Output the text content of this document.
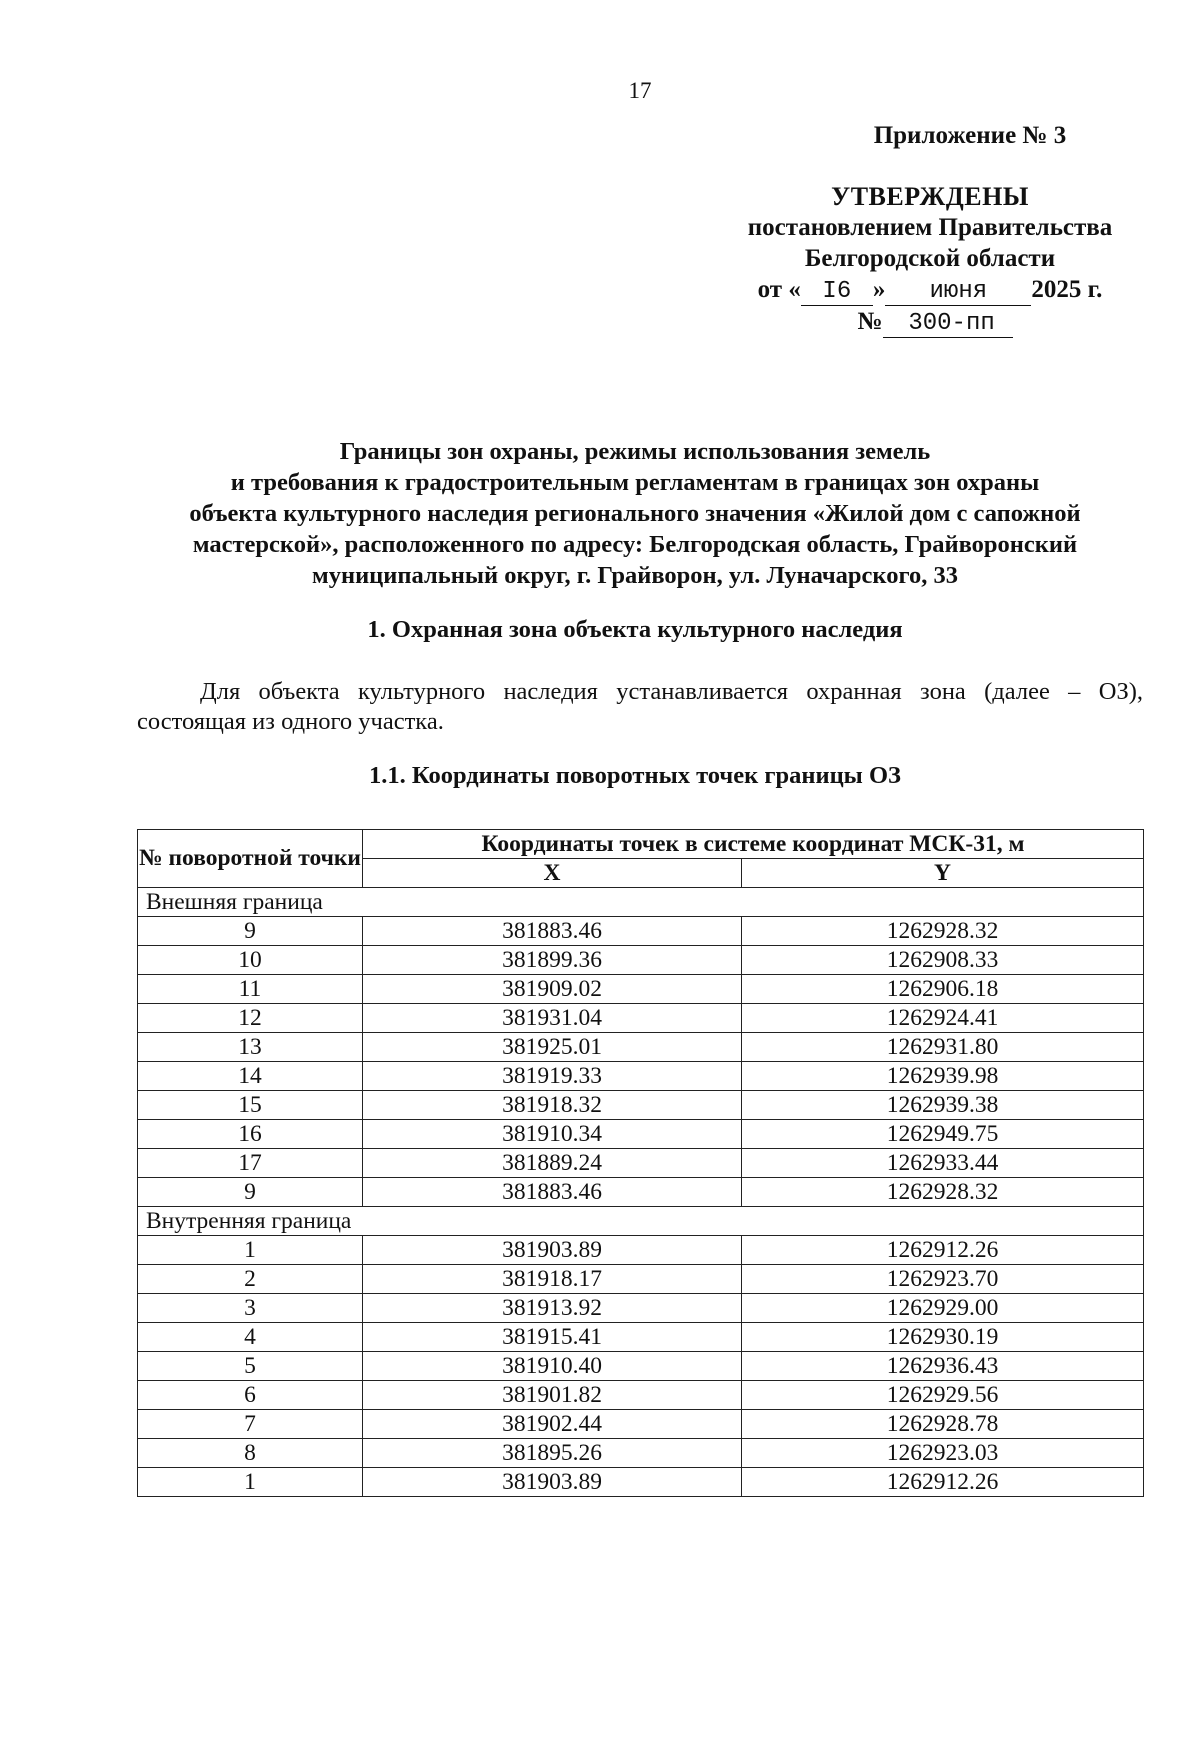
17
Приложение № 3
УТВЕРЖДЕНЫ
постановлением Правительства
Белгородской области
от « I6 » июня 2025 г.
№ 300-пп
Границы зон охраны, режимы использования земель
и требования к градостроительным регламентам в границах зон охраны
объекта культурного наследия регионального значения «Жилой дом с сапожной
мастерской», расположенного по адресу: Белгородская область, Грайворонский
муниципальный округ, г. Грайворон, ул. Луначарского, 33
1. Охранная зона объекта культурного наследия
Для объекта культурного наследия устанавливается охранная зона (далее – ОЗ), состоящая из одного участка.
1.1. Координаты поворотных точек границы ОЗ
№ поворотной точки	Координаты точек в системе координат МСК-31, м	
	X	Y
Внешняя граница		
9	381883.46	1262928.32
10	381899.36	1262908.33
11	381909.02	1262906.18
12	381931.04	1262924.41
13	381925.01	1262931.80
14	381919.33	1262939.98
15	381918.32	1262939.38
16	381910.34	1262949.75
17	381889.24	1262933.44
9	381883.46	1262928.32
Внутренняя граница		
1	381903.89	1262912.26
2	381918.17	1262923.70
3	381913.92	1262929.00
4	381915.41	1262930.19
5	381910.40	1262936.43
6	381901.82	1262929.56
7	381902.44	1262928.78
8	381895.26	1262923.03
1	381903.89	1262912.26
